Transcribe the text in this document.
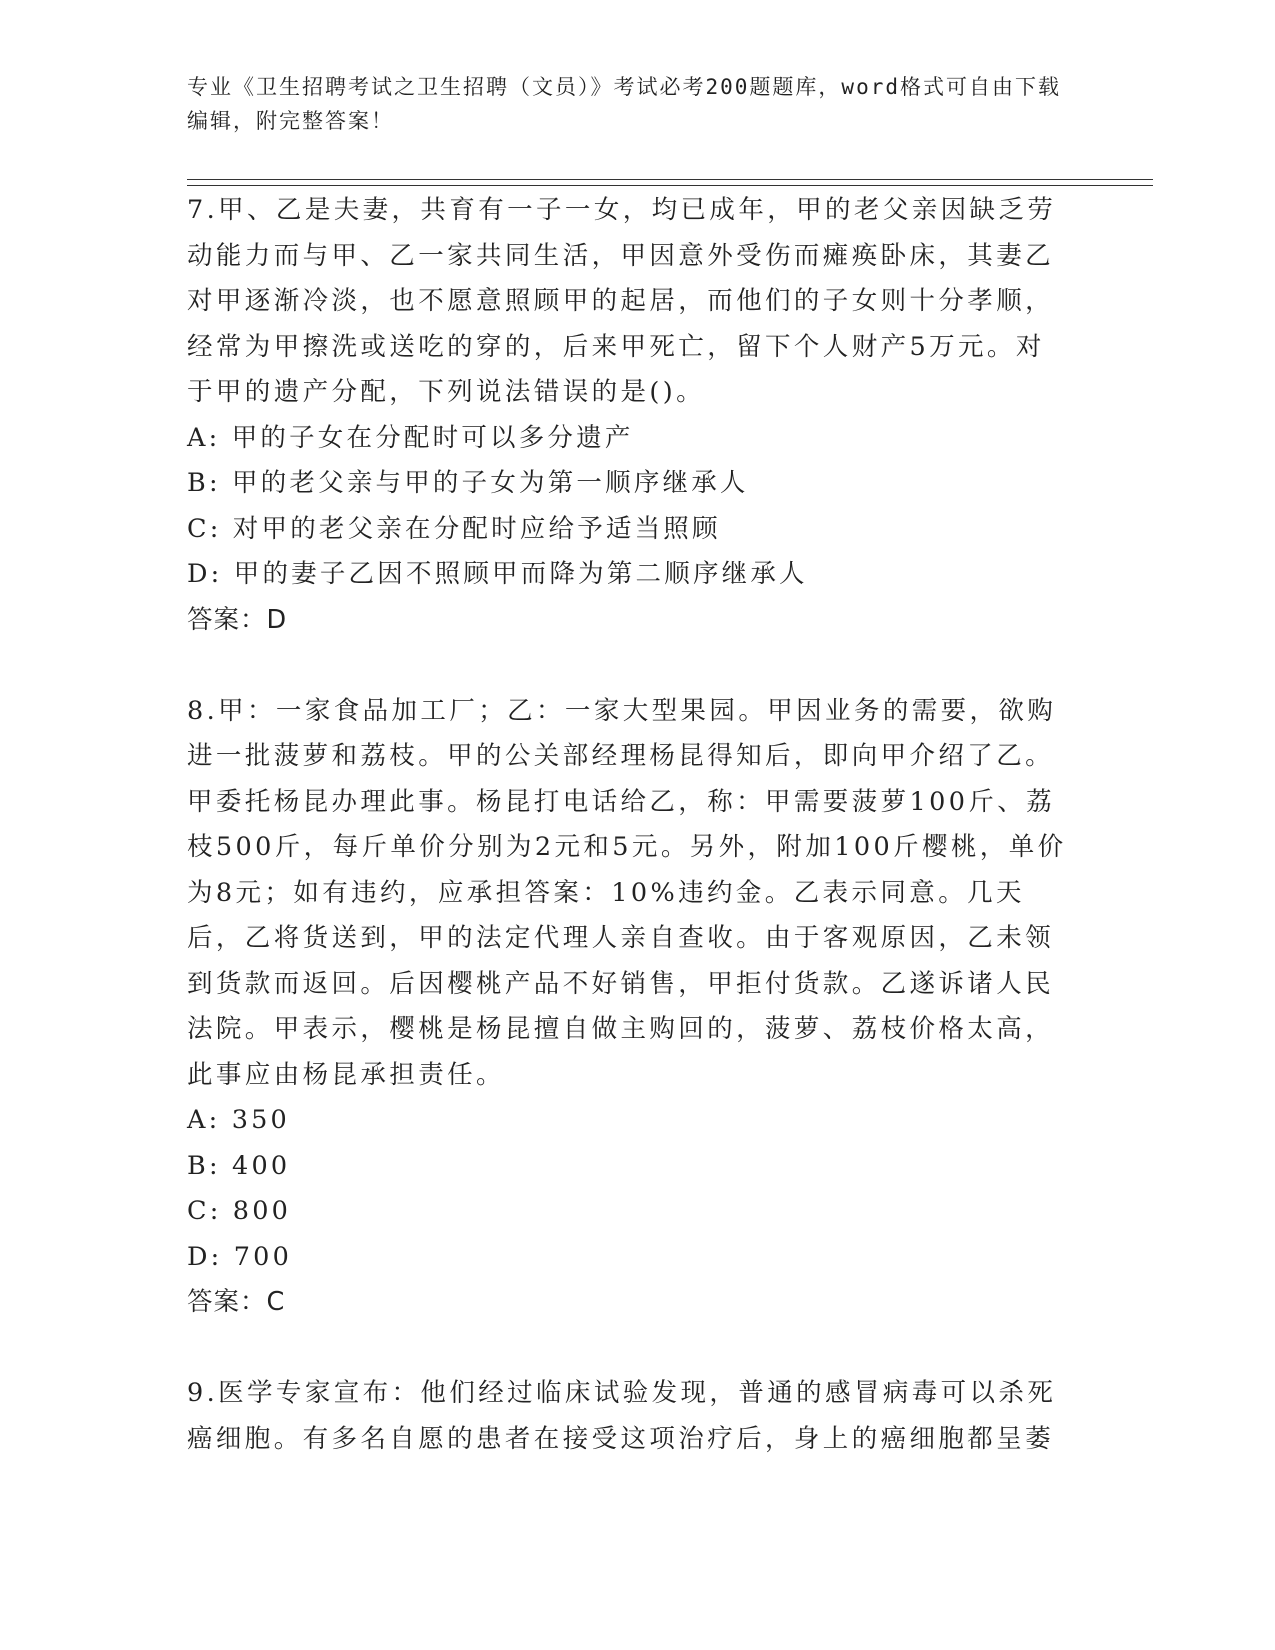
专业《卫生招聘考试之卫生招聘（文员）》考试必考200题题库，word格式可自由下载编辑，附完整答案！

7.甲、乙是夫妻，共育有一子一女，均已成年，甲的老父亲因缺乏劳动能力而与甲、乙一家共同生活，甲因意外受伤而瘫痪卧床，其妻乙对甲逐渐冷淡，也不愿意照顾甲的起居，而他们的子女则十分孝顺，经常为甲擦洗或送吃的穿的，后来甲死亡，留下个人财产5万元。对于甲的遗产分配，下列说法错误的是()。

A: 甲的子女在分配时可以多分遗产

B: 甲的老父亲与甲的子女为第一顺序继承人

C: 对甲的老父亲在分配时应给予适当照顾

D: 甲的妻子乙因不照顾甲而降为第二顺序继承人

答案：D

8.甲：一家食品加工厂；乙：一家大型果园。甲因业务的需要，欲购进一批菠萝和荔枝。甲的公关部经理杨昆得知后，即向甲介绍了乙。甲委托杨昆办理此事。杨昆打电话给乙，称：甲需要菠萝100斤、荔枝500斤，每斤单价分别为2元和5元。另外，附加100斤樱桃，单价为8元；如有违约，应承担答案：10%违约金。乙表示同意。几天后，乙将货送到，甲的法定代理人亲自查收。由于客观原因，乙未领到货款而返回。后因樱桃产品不好销售，甲拒付货款。乙遂诉诸人民法院。甲表示，樱桃是杨昆擅自做主购回的，菠萝、荔枝价格太高，此事应由杨昆承担责任。

A: 350

B: 400

C: 800

D: 700

答案：C

9.医学专家宣布：他们经过临床试验发现，普通的感冒病毒可以杀死癌细胞。有多名自愿的患者在接受这项治疗后，身上的癌细胞都呈萎
